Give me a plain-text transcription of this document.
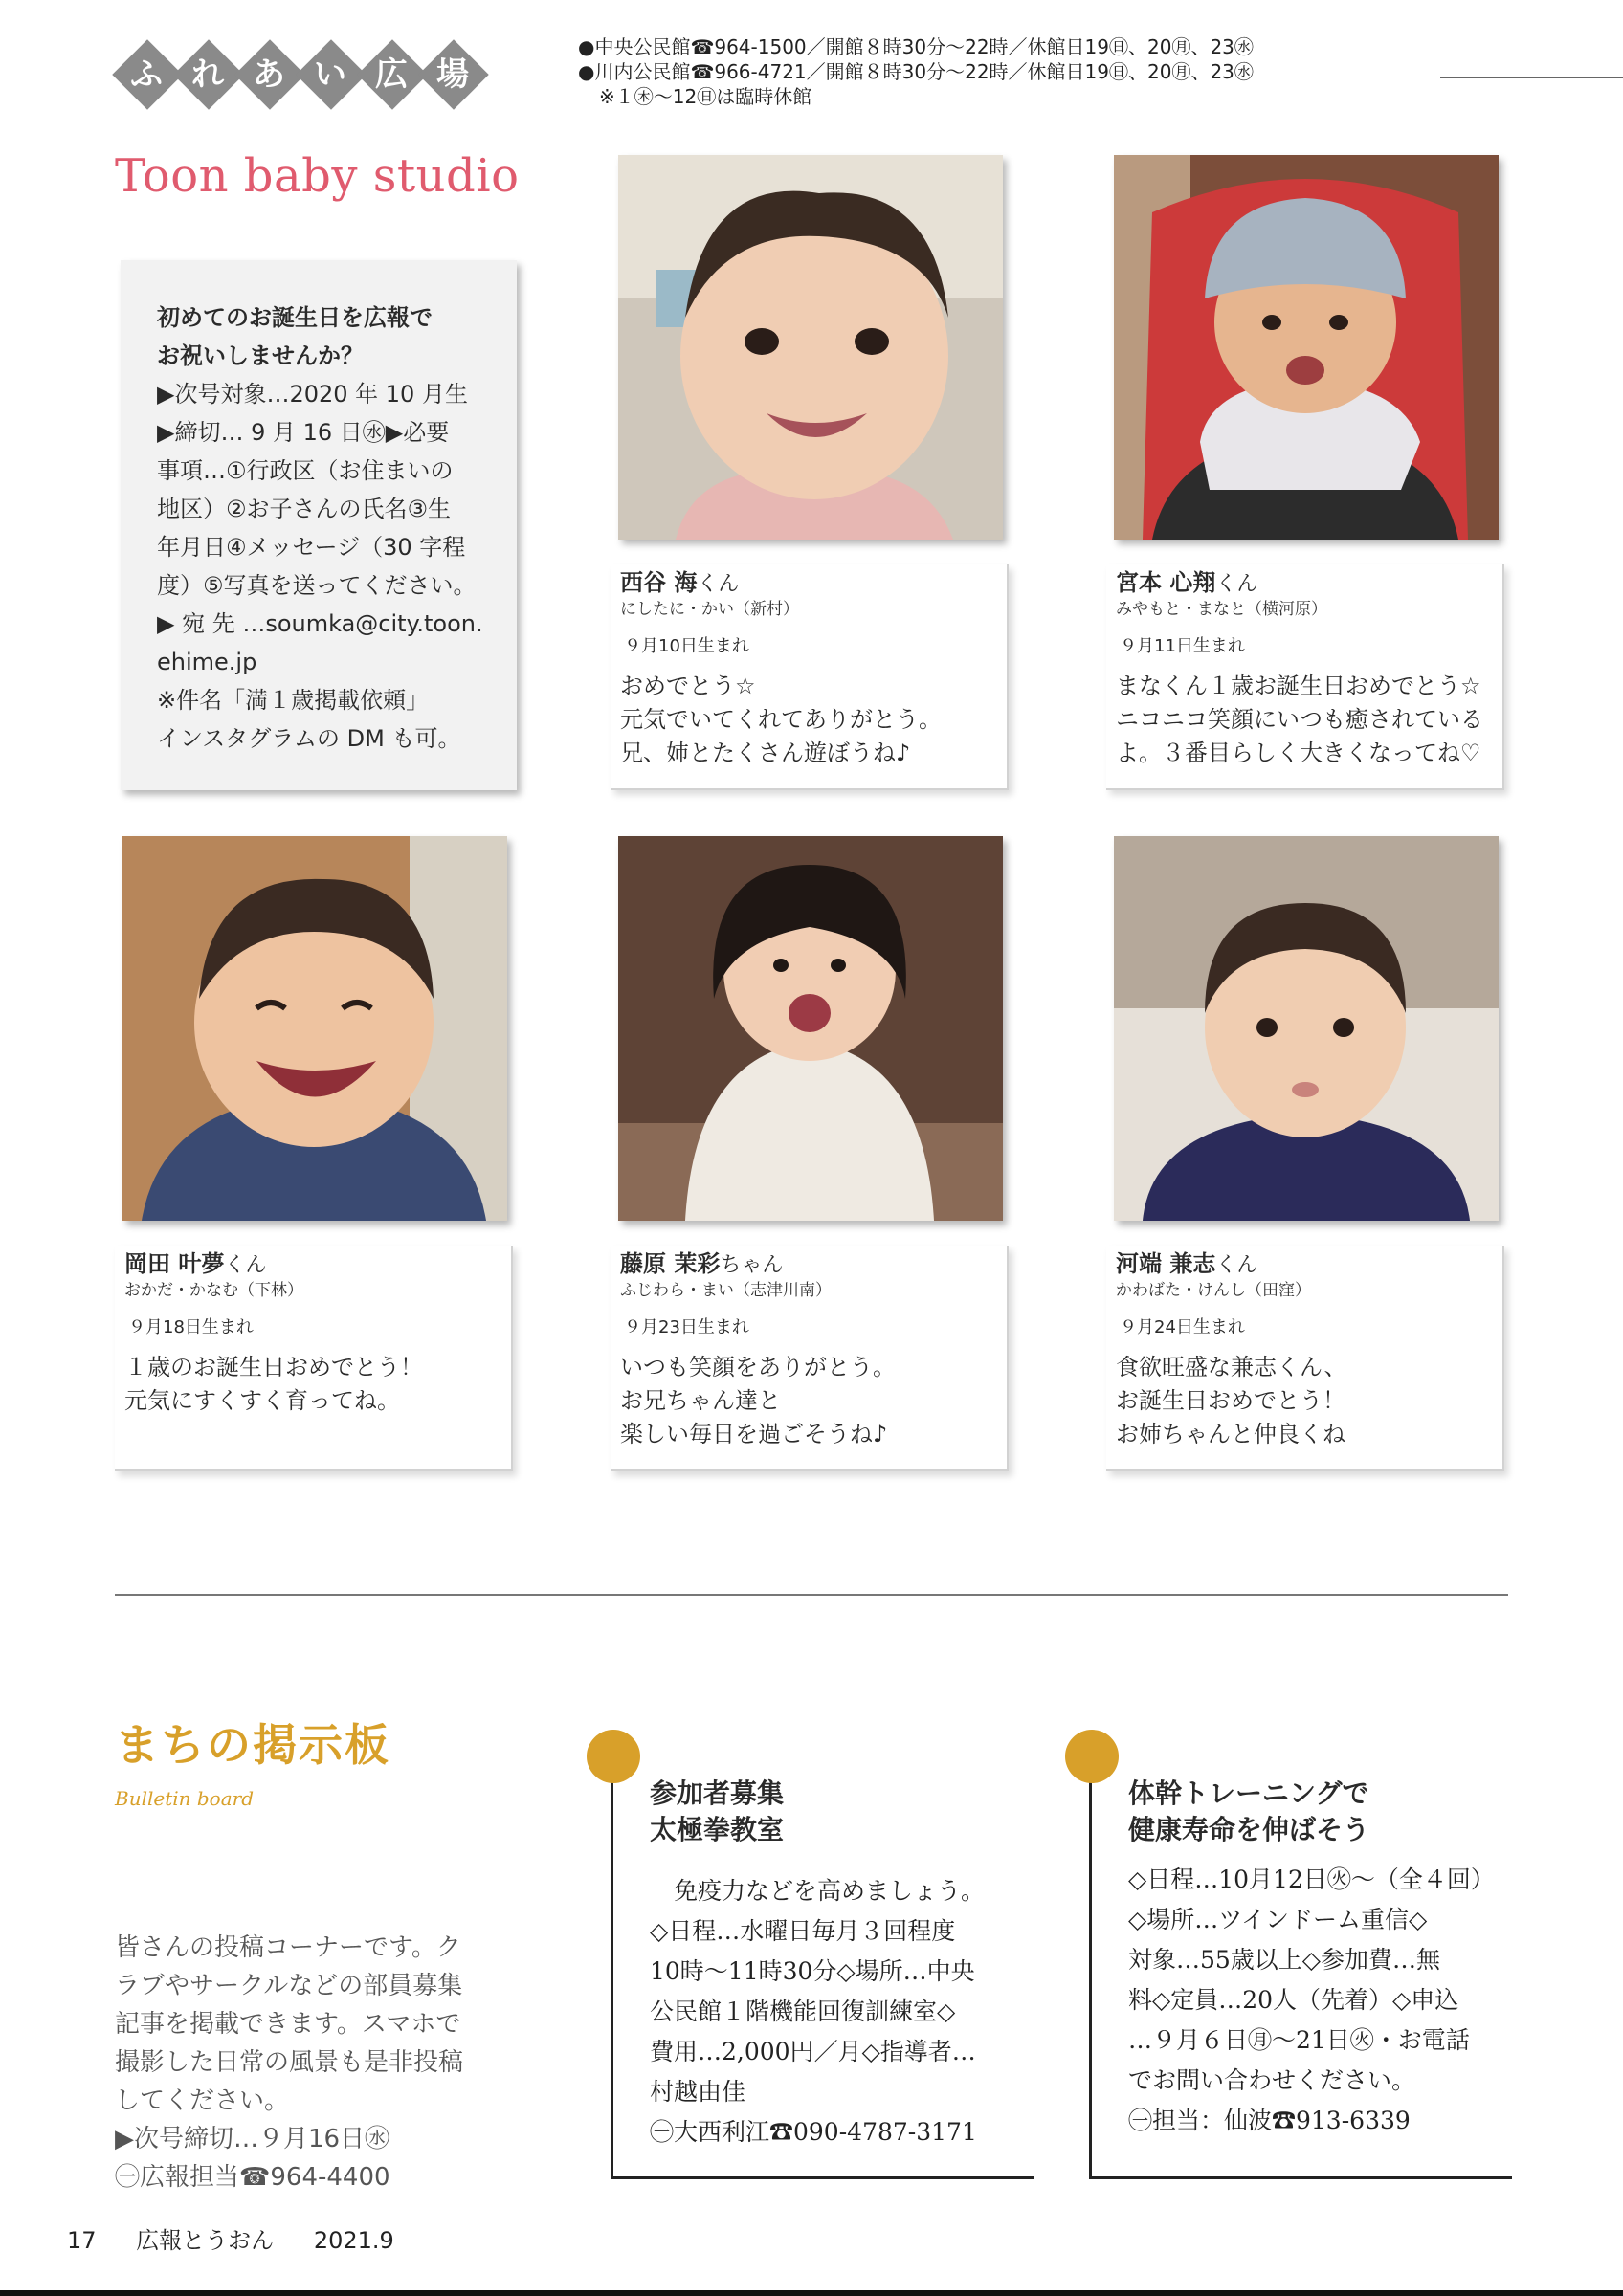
ふ れ あ い 広 場
●中央公民館☎964-1500／開館８時30分～22時／休館日19㊐、20㊊、23㊌
●川内公民館☎966-4721／開館８時30分～22時／休館日19㊐、20㊊、23㊌
※１㊍～12㊐は臨時休館
Toon baby studio
初めてのお誕生日を広報で
お祝いしませんか？
▶次号対象…2020 年 10 月生
▶締切… 9 月 16 日㊌▶必要
事項…①行政区（お住まいの
地区）②お子さんの氏名③生
年月日④メッセージ（30 字程
度）⑤写真を送ってください。
▶ 宛 先 …soumka@city.toon.
ehime.jp
※件名「満１歳掲載依頼」
インスタグラムの DM も可。
西谷 海くん
にしたに・かい（新村）
９月10日生まれ
おめでとう☆
元気でいてくれてありがとう。
兄、姉とたくさん遊ぼうね♪
宮本 心翔くん
みやもと・まなと（横河原）
９月11日生まれ
まなくん１歳お誕生日おめでとう☆
ニコニコ笑顔にいつも癒されている
よ。３番目らしく大きくなってね♡
岡田 叶夢くん
おかだ・かなむ（下林）
９月18日生まれ
１歳のお誕生日おめでとう！
元気にすくすく育ってね。
藤原 茉彩ちゃん
ふじわら・まい（志津川南）
９月23日生まれ
いつも笑顔をありがとう。
お兄ちゃん達と
楽しい毎日を過ごそうね♪
河端 兼志くん
かわばた・けんし（田窪）
９月24日生まれ
食欲旺盛な兼志くん、
お誕生日おめでとう！
お姉ちゃんと仲良くね
まちの掲示板
Bulletin board
皆さんの投稿コーナーです。ク
ラブやサークルなどの部員募集
記事を掲載できます。スマホで
撮影した日常の風景も是非投稿
してください。
▶次号締切…９月16日㊌
㊀広報担当☎964-4400
参加者募集
太極拳教室
　免疫力などを高めましょう。
◇日程…水曜日毎月３回程度
10時～11時30分◇場所…中央
公民館１階機能回復訓練室◇
費用…2,000円／月◇指導者…
村越由佳
㊀大西利江☎090-4787-3171
体幹トレーニングで
健康寿命を伸ばそう
◇日程…10月12日㊋～（全４回）
◇場所…ツインドーム重信◇
対象…55歳以上◇参加費…無
料◇定員…20人（先着）◇申込
…９月６日㊊～21日㊋・お電話
でお問い合わせください。
㊀担当：仙波☎913-6339
17 広報とうおん 2021.9
